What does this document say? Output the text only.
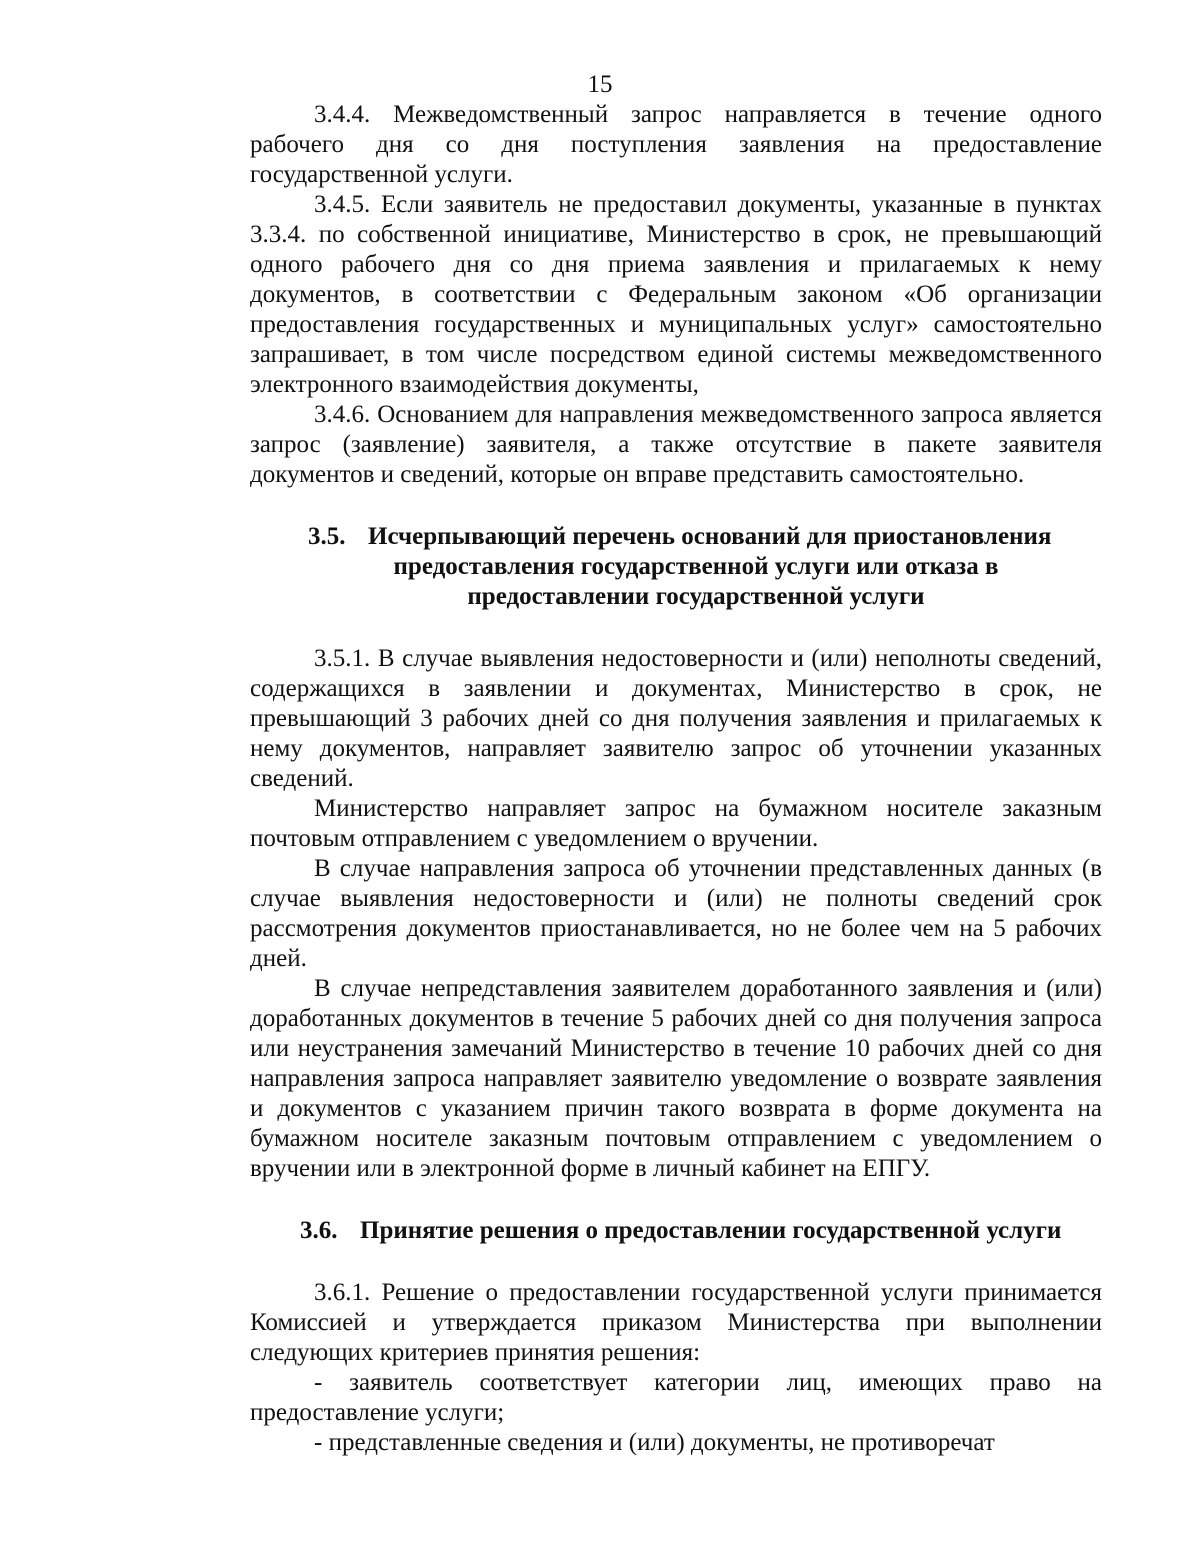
15

3.4.4. Межведомственный запрос направляется в течение одного рабочего дня со дня поступления заявления на предоставление государственной услуги.

3.4.5. Если заявитель не предоставил документы, указанные в пунктах 3.3.4. по собственной инициативе, Министерство в срок, не превышающий одного рабочего дня со дня приема заявления и прилагаемых к нему документов, в соответствии с Федеральным законом «Об организации предоставления государственных и муниципальных услуг» самостоятельно запрашивает, в том числе посредством единой системы межведомственного электронного взаимодействия документы,

3.4.6. Основанием для направления межведомственного запроса является запрос (заявление) заявителя, а также отсутствие в пакете заявителя документов и сведений, которые он вправе представить самостоятельно.

3.5. Исчерпывающий перечень оснований для приостановления
предоставления государственной услуги или отказа в
предоставлении государственной услуги

3.5.1. В случае выявления недостоверности и (или) неполноты сведений, содержащихся в заявлении и документах, Министерство в срок, не превышающий 3 рабочих дней со дня получения заявления и прилагаемых к нему документов, направляет заявителю запрос об уточнении указанных сведений.

Министерство направляет запрос на бумажном носителе заказным почтовым отправлением с уведомлением о вручении.

В случае направления запроса об уточнении представленных данных (в случае выявления недостоверности и (или) не полноты сведений срок рассмотрения документов приостанавливается, но не более чем на 5 рабочих дней.

В случае непредставления заявителем доработанного заявления и (или) доработанных документов в течение 5 рабочих дней со дня получения запроса или неустранения замечаний Министерство в течение 10 рабочих дней со дня направления запроса направляет заявителю уведомление о возврате заявления и документов с указанием причин такого возврата в форме документа на бумажном носителе заказным почтовым отправлением с уведомлением о вручении или в электронной форме в личный кабинет на ЕПГУ.

3.6. Принятие решения о предоставлении государственной услуги

3.6.1. Решение о предоставлении государственной услуги принимается Комиссией и утверждается приказом Министерства при выполнении следующих критериев принятия решения:

- заявитель соответствует категории лиц, имеющих право на предоставление услуги;

- представленные сведения и (или) документы, не противоречат
